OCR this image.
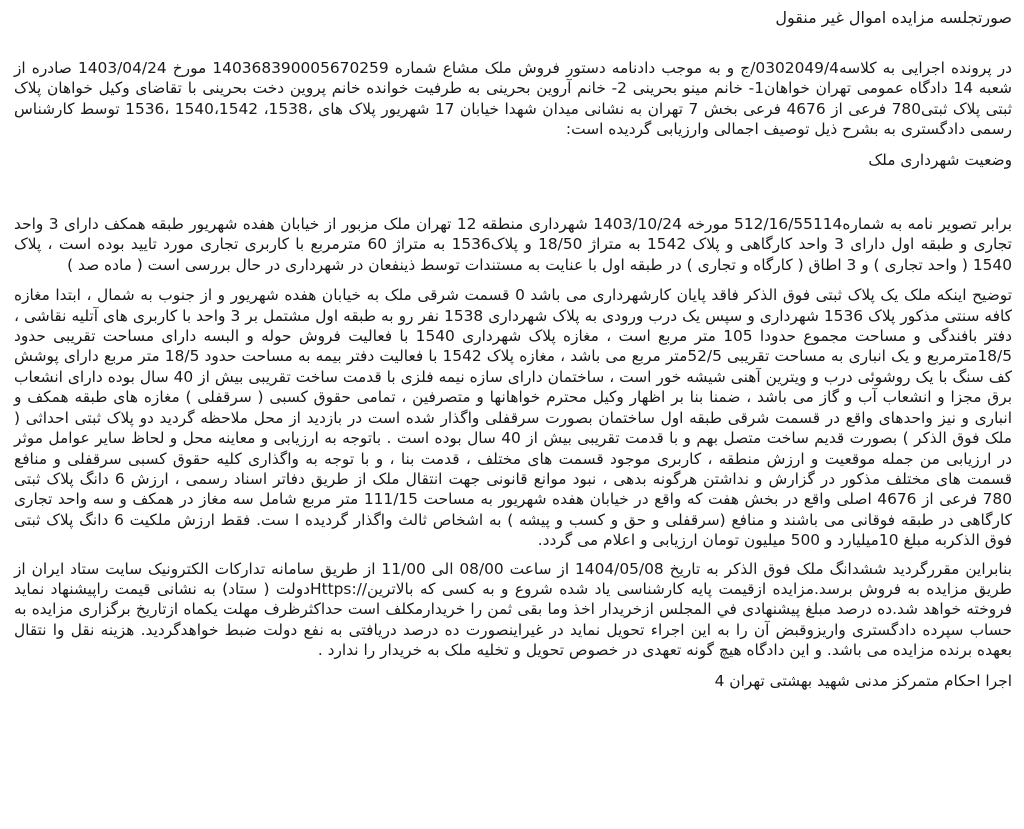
صورتجلسه مزایده اموال غیر منقول

در پرونده اجرایی به کلاسه0302049/4/ج و به موجب دادنامه دستور فروش ملک مشاع شماره 140368390005670259 مورخ 1403/04/24 صادره از شعبه 14 دادگاه عمومی تهران خواهان1- خانم مینو بحرینی 2- خانم آروین بحرینی به طرفیت خوانده خانم پروین دخت بحرینی با تقاضای وکیل خواهان پلاک ثبتی پلاک ثبتی780 فرعی از 4676 فرعی بخش 7 تهران به نشانی میدان شهدا خیابان 17 شهریور پلاک های ،1538، 1540،1542 ،1536 توسط کارشناس رسمی دادگستری به بشرح ذیل توصیف اجمالی وارزیابی گردیده است:

وضعیت شهرداری ملک

برابر تصویر نامه به شماره512/16/55114 مورخه 1403/10/24 شهرداری منطقه 12 تهران ملک مزبور از خیابان هفده شهریور طبقه همکف دارای 3 واحد تجاری و طبقه اول دارای 3 واحد کارگاهی و پلاک 1542 به متراژ 18/50 و پلاک1536 به متراژ 60 مترمربع با کاربری تجاری مورد تایید بوده است ، پلاک 1540 ( واحد تجاری ) و 3 اطاق ( کارگاه و تجاری ) در طبقه اول با عنایت به مستندات توسط ذینفعان در شهرداری در حال بررسی است ( ماده صد )

توضیح اینکه ملک یک پلاک ثبتی فوق الذکر فاقد پایان کارشهرداری می باشد 0 قسمت شرقی ملک به خیابان هفده شهریور و از جنوب به شمال ، ابتدا مغازه کافه سنتی مذکور پلاک 1536 شهرداری و سپس یک درب ورودی به پلاک شهرداری 1538 نفر رو به طبقه اول مشتمل بر 3 واحد با کاربری های آتلیه نقاشی ، دفتر بافندگی و مساحت مجموع حدودا 105 متر مربع است ، مغازه پلاک شهرداری 1540 با فعالیت فروش حوله و البسه دارای مساحت تقریبی حدود 18/5مترمربع و یک انباری به مساحت تقریبی 52/5متر مربع می باشد ، مغازه پلاک 1542 با فعالیت دفتر بیمه به مساحت حدود 18/5 متر مربع دارای پوشش کف سنگ با یک روشوئی درب و ویترین آهنی شیشه خور است ، ساختمان دارای سازه نیمه فلزی با قدمت ساخت تقریبی بیش از 40 سال بوده دارای انشعاب برق مجزا و انشعاب آب و گاز می باشد ، ضمنا بنا بر اظهار وکیل محترم خواهانها و متصرفین ، تمامی حقوق کسبی ( سرقفلی ) مغازه های طبقه همکف و انباری و نیز واحدهای واقع در قسمت شرقی طبقه اول ساختمان بصورت سرقفلی واگذار شده است در بازدید از محل ملاحظه گردید دو پلاک ثبتی احداثی ( ملک فوق الذکر ) بصورت قدیم ساخت متصل بهم و با قدمت تقریبی بیش از 40 سال بوده است . باتوجه به ارزیابی و معاینه محل و لحاظ سایر عوامل موثر در ارزیابی من جمله موقعیت و ارزش منطقه ، کاربری موجود قسمت های مختلف ، قدمت بنا ، و با توجه به واگذاری کلیه حقوق کسبی سرقفلی و منافع قسمت های مختلف مذکور در گزارش و نداشتن هرگونه بدهی ، نبود موانع قانونی جهت انتقال ملک از طریق دفاتر اسناد رسمی ، ارزش 6 دانگ پلاک ثبتی 780 فرعی از 4676 اصلی واقع در بخش هفت که واقع در خیابان هفده شهریور به مساحت 111/15 متر مربع شامل سه مغاز در همکف و سه واحد تجاری کارگاهی در طبقه فوقانی می باشند و منافع (سرقفلی و حق و کسب و پیشه ) به اشخاص ثالث واگذار گردیده ا ست. فقط ارزش ملکیت 6 دانگ پلاک ثبتی فوق الذکربه مبلغ 10میلیارد و 500 میلیون تومان ارزیابی و اعلام می گردد.

بنابراین مقررگردید ششدانگ ملک فوق الذکر به تاریخ 1404/05/08 از ساعت 08/00 الی 11/00 از طریق سامانه تدارکات الکترونیک سایت ستاد ایران از طریق مزایده به فروش برسد.مزایده ازقیمت پایه کارشناسی یاد شده شروع و به کسی که بالاترین//:Httpsدولت ( ستاد) به نشانی قیمت راپیشنهاد نماید فروخته خواهد شد.ده درصد مبلغ پیشنهادی في المجلس ازخریدار اخذ وما بقی ثمن را خریدارمکلف است حداکثرظرف مهلت یکماه ازتاریخ برگزاری مزایده به حساب سپرده دادگستری واریزوقبض آن را به این اجراء تحویل نماید در غیراینصورت ده درصد دریافتی به نفع دولت ضبط خواهدگردید. هزینه نقل وا نتقال بعهده برنده مزایده می باشد. و این دادگاه هیچ گونه تعهدی در خصوص تحویل و تخلیه ملک به خریدار را ندارد .

اجرا احکام متمرکز مدنی شهید بهشتی تهران 4
